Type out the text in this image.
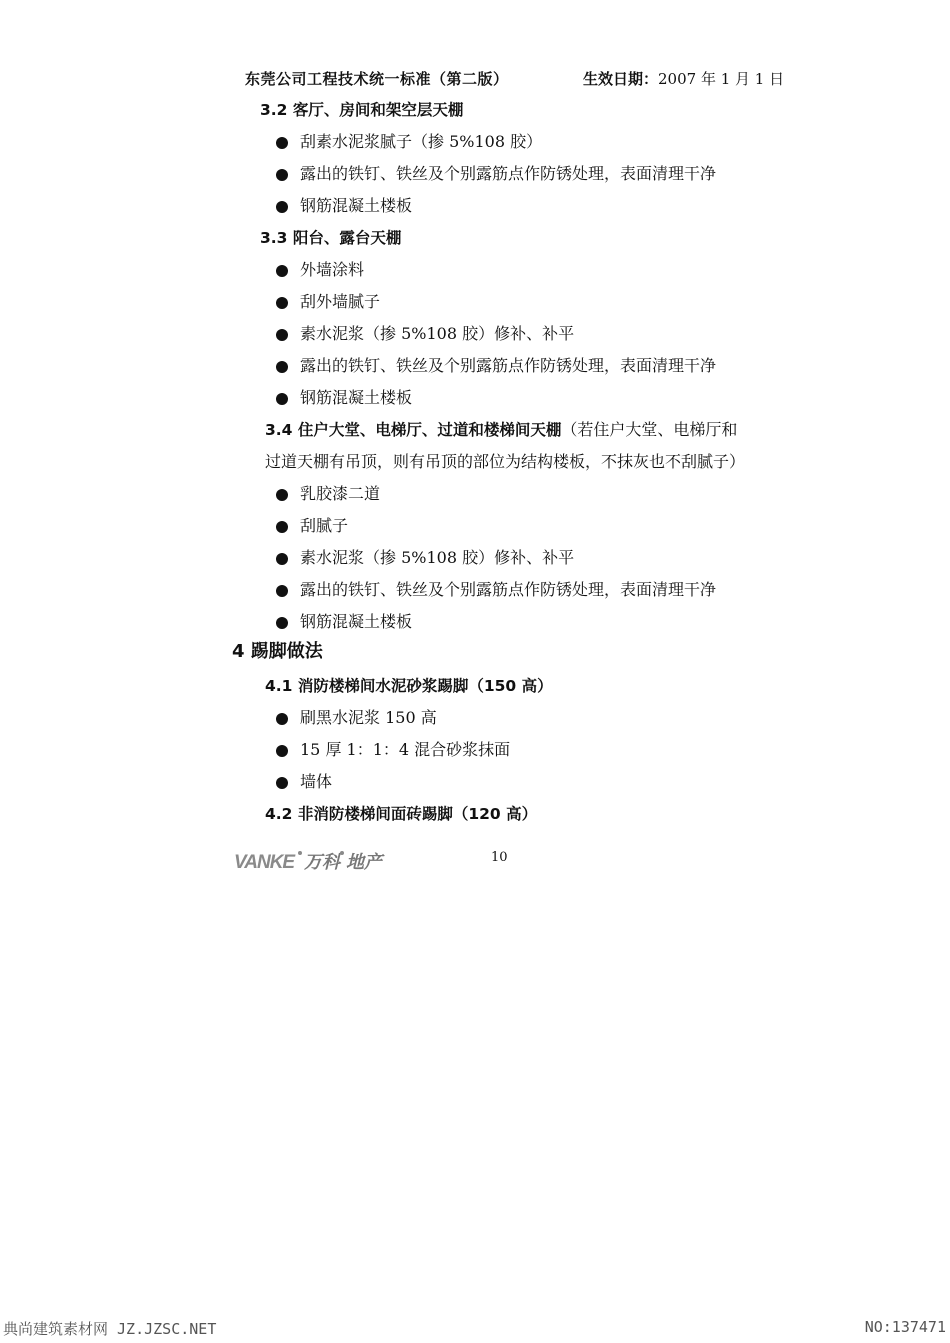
东莞公司工程技术统一标准（第二版）	生效日期：2007 年 1 月 1 日
3.2 客厅、房间和架空层天棚
刮素水泥浆腻子（掺 5%108 胶）
露出的铁钉、铁丝及个别露筋点作防锈处理，表面清理干净
钢筋混凝土楼板
3.3 阳台、露台天棚
外墙涂料
刮外墙腻子
素水泥浆（掺 5%108 胶）修补、补平
露出的铁钉、铁丝及个别露筋点作防锈处理，表面清理干净
钢筋混凝土楼板
3.4 住户大堂、电梯厅、过道和楼梯间天棚（若住户大堂、电梯厅和
过道天棚有吊顶，则有吊顶的部位为结构楼板，不抹灰也不刮腻子）
乳胶漆二道
刮腻子
素水泥浆（掺 5%108 胶）修补、补平
露出的铁钉、铁丝及个别露筋点作防锈处理，表面清理干净
钢筋混凝土楼板
4 踢脚做法
4.1 消防楼梯间水泥砂浆踢脚（150 高）
刷黑水泥浆 150 高
15 厚 1：1：4 混合砂浆抹面
墙体
4.2 非消防楼梯间面砖踢脚（120 高）
VANKE 万科 地产	10
典尚建筑素材网 JZ.JZSC.NET	NO:137471
